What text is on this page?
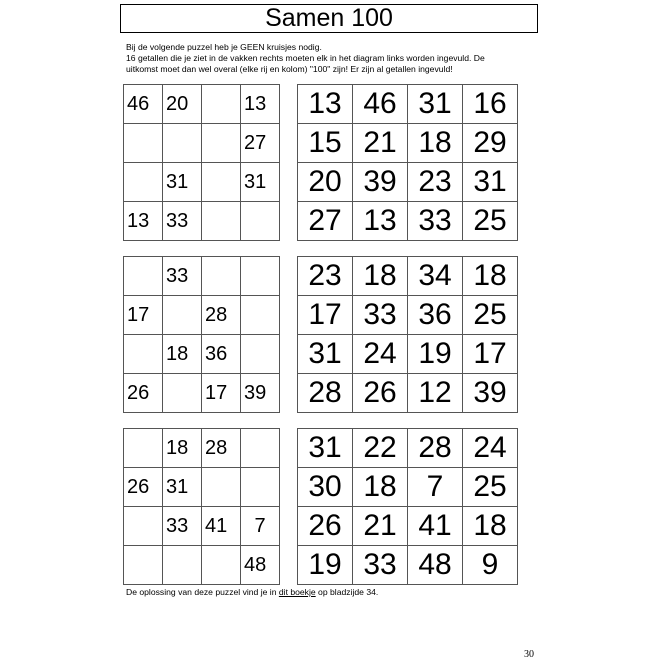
Samen 100
Bij de volgende puzzel heb je GEEN kruisjes nodig.
16 getallen die je ziet in de vakken rechts moeten elk in het diagram links worden ingevuld. De
uitkomst moet dan wel overal (elke rij en kolom) "100" zijn! Er zijn al getallen ingevuld!
46	20		13
			27
	31		31
13	33		
13	46	31	16
15	21	18	29
20	39	23	31
27	13	33	25
	33		
17		28	
	18	36	
26		17	39
23	18	34	18
17	33	36	25
31	24	19	17
28	26	12	39
	18	28	
26	31		
	33	41	7
			48
31	22	28	24
30	18	7	25
26	21	41	18
19	33	48	9
De oplossing van deze puzzel vind je in dit boekje op bladzijde 34.
30
